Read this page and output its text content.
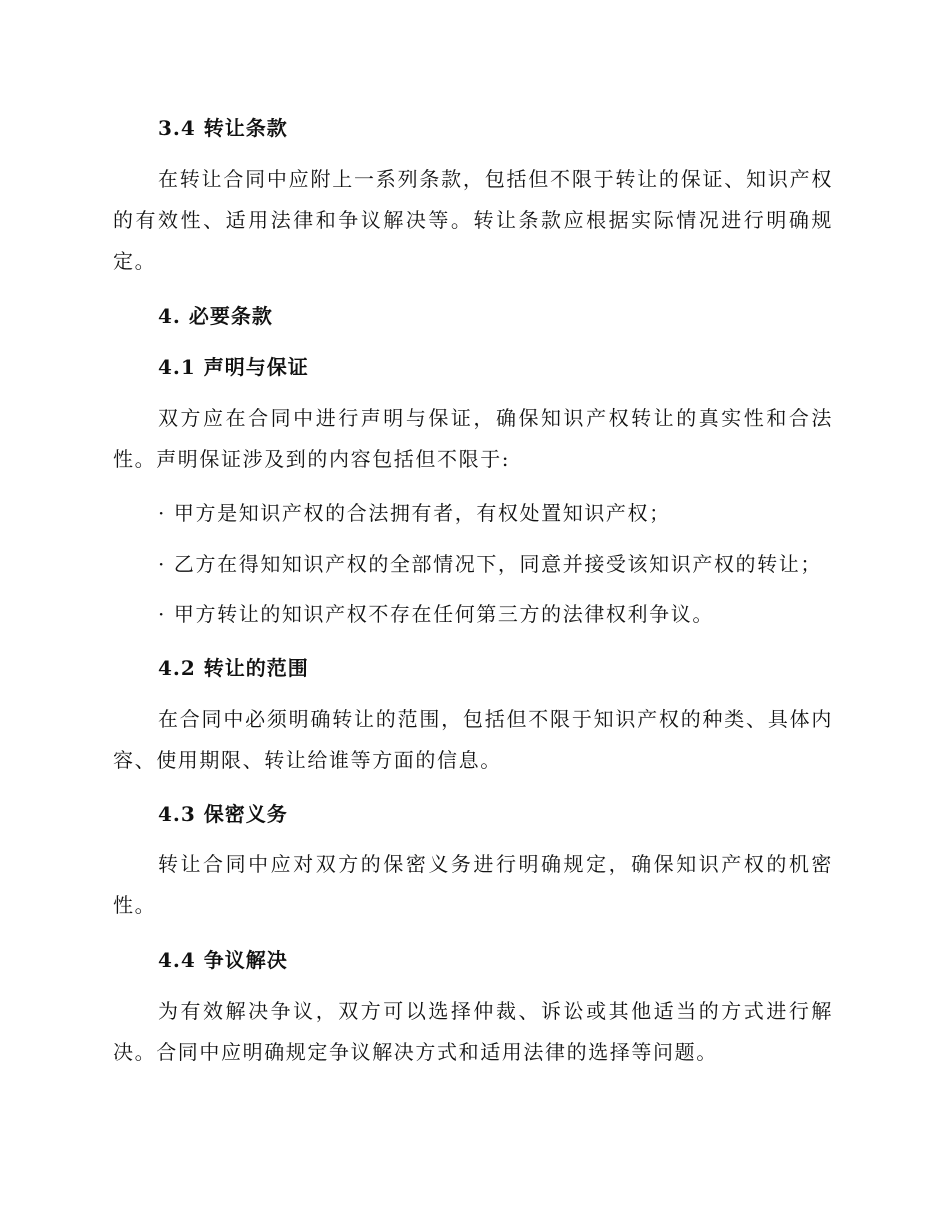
3.4 转让条款
在转让合同中应附上一系列条款，包括但不限于转让的保证、知识产权的有效性、适用法律和争议解决等。转让条款应根据实际情况进行明确规定。
4. 必要条款
4.1 声明与保证
双方应在合同中进行声明与保证，确保知识产权转让的真实性和合法性。声明保证涉及到的内容包括但不限于:
· 甲方是知识产权的合法拥有者，有权处置知识产权；
· 乙方在得知知识产权的全部情况下，同意并接受该知识产权的转让；
· 甲方转让的知识产权不存在任何第三方的法律权利争议。
4.2 转让的范围
在合同中必须明确转让的范围，包括但不限于知识产权的种类、具体内容、使用期限、转让给谁等方面的信息。
4.3 保密义务
转让合同中应对双方的保密义务进行明确规定，确保知识产权的机密性。
4.4 争议解决
为有效解决争议，双方可以选择仲裁、诉讼或其他适当的方式进行解决。合同中应明确规定争议解决方式和适用法律的选择等问题。
